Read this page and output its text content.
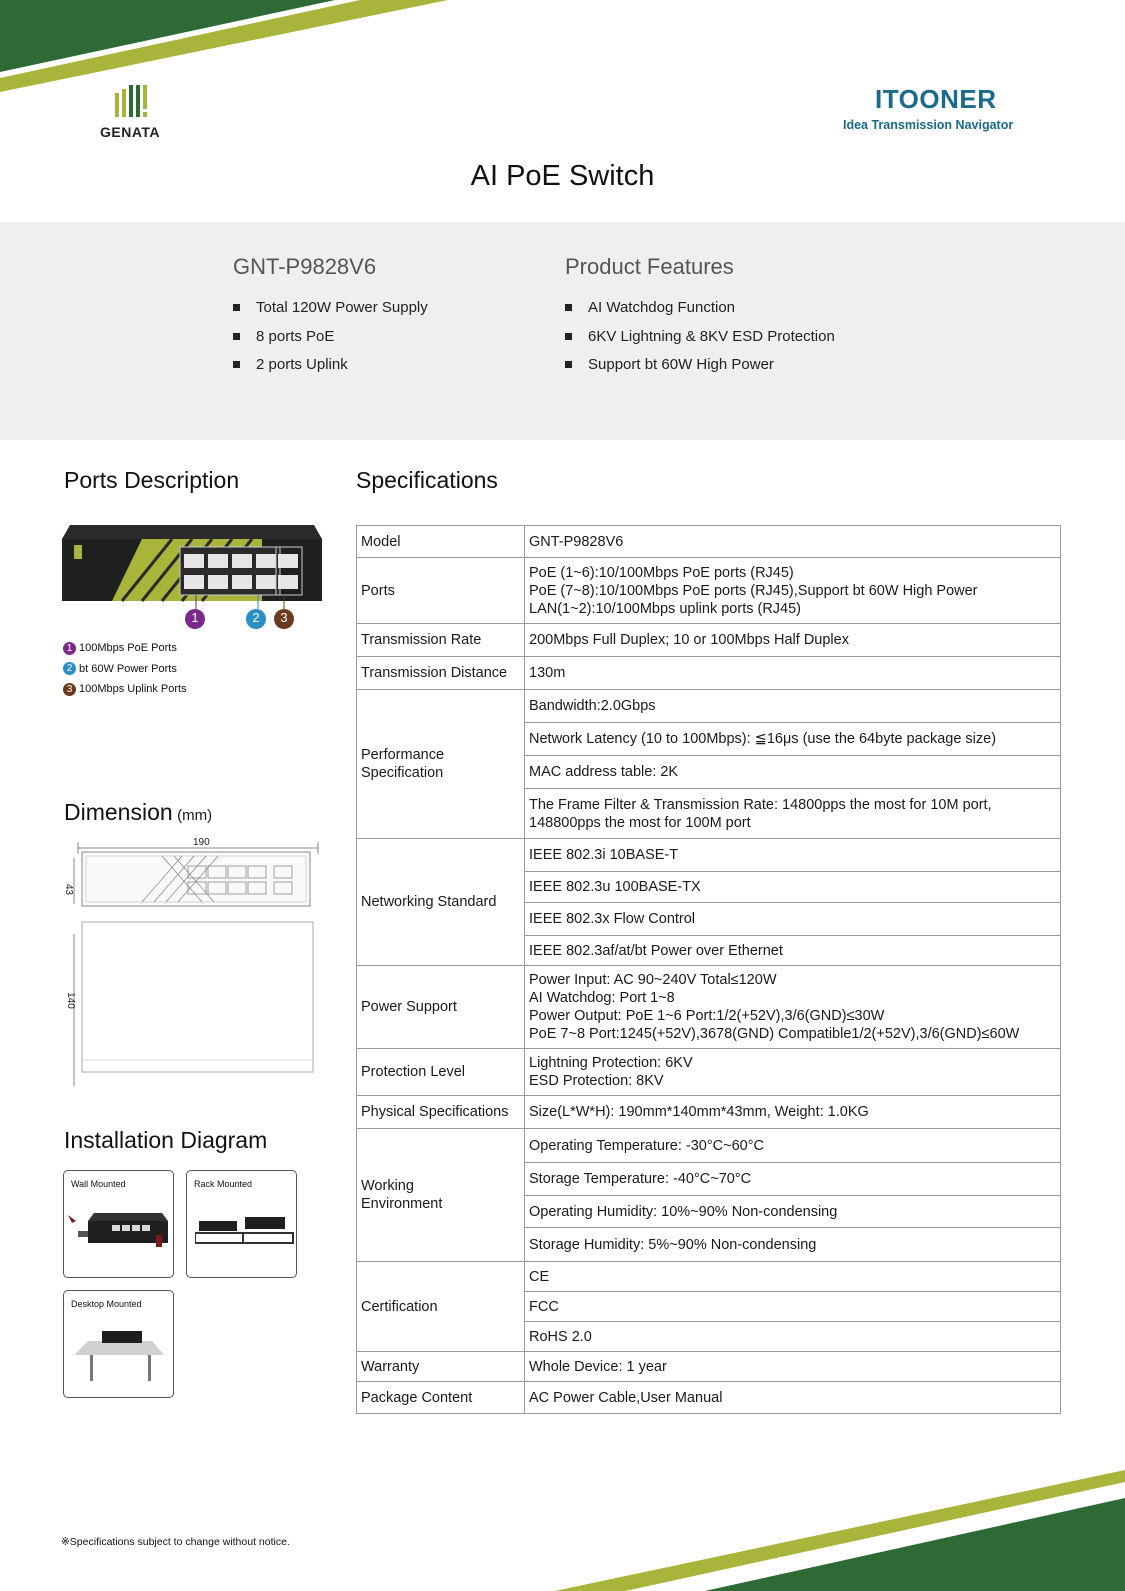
GENATA
ITOONER
Idea Transmission Navigator
AI PoE Switch
GNT-P9828V6
Total 120W Power Supply
8 ports PoE
2 ports Uplink
Product Features
AI Watchdog Function
6KV Lightning & 8KV ESD Protection
Support bt 60W High Power
Ports Description
1	2	3
1 100Mbps PoE Ports
2 bt 60W Power Ports
3 100Mbps Uplink Ports
Dimension (mm)
190
43
140
Installation Diagram
Wall Mounted	Rack Mounted
Desktop Mounted
Specifications
Model	GNT-P9828V6
Ports	PoE (1~6):10/100Mbps PoE ports (RJ45)
PoE (7~8):10/100Mbps PoE ports (RJ45),Support bt 60W High Power
LAN(1~2):10/100Mbps uplink ports (RJ45)
Transmission Rate	200Mbps Full Duplex; 10 or 100Mbps Half Duplex
Transmission Distance	130m
Performance Specification	Bandwidth:2.0Gbps
	Network Latency (10 to 100Mbps): ≦16μs (use the 64byte package size)
	MAC address table: 2K
	The Frame Filter & Transmission Rate: 14800pps the most for 10M port,
148800pps the most for 100M port
Networking Standard	IEEE 802.3i 10BASE-T
	IEEE 802.3u 100BASE-TX
	IEEE 802.3x Flow Control
	IEEE 802.3af/at/bt Power over Ethernet
Power Support	Power Input: AC 90~240V Total≤120W
AI Watchdog: Port 1~8
Power Output: PoE 1~6 Port:1/2(+52V),3/6(GND)≤30W
PoE 7~8 Port:1245(+52V),3678(GND) Compatible1/2(+52V),3/6(GND)≤60W
Protection Level	Lightning Protection: 6KV
ESD Protection: 8KV
Physical Specifications	Size(L*W*H): 190mm*140mm*43mm, Weight: 1.0KG
Working Environment	Operating Temperature: -30°C~60°C
	Storage Temperature: -40°C~70°C
	Operating Humidity: 10%~90% Non-condensing
	Storage Humidity: 5%~90% Non-condensing
Certification	CE
	FCC
	RoHS 2.0
Warranty	Whole Device: 1 year
Package Content	AC Power Cable,User Manual
※Specifications subject to change without notice.
